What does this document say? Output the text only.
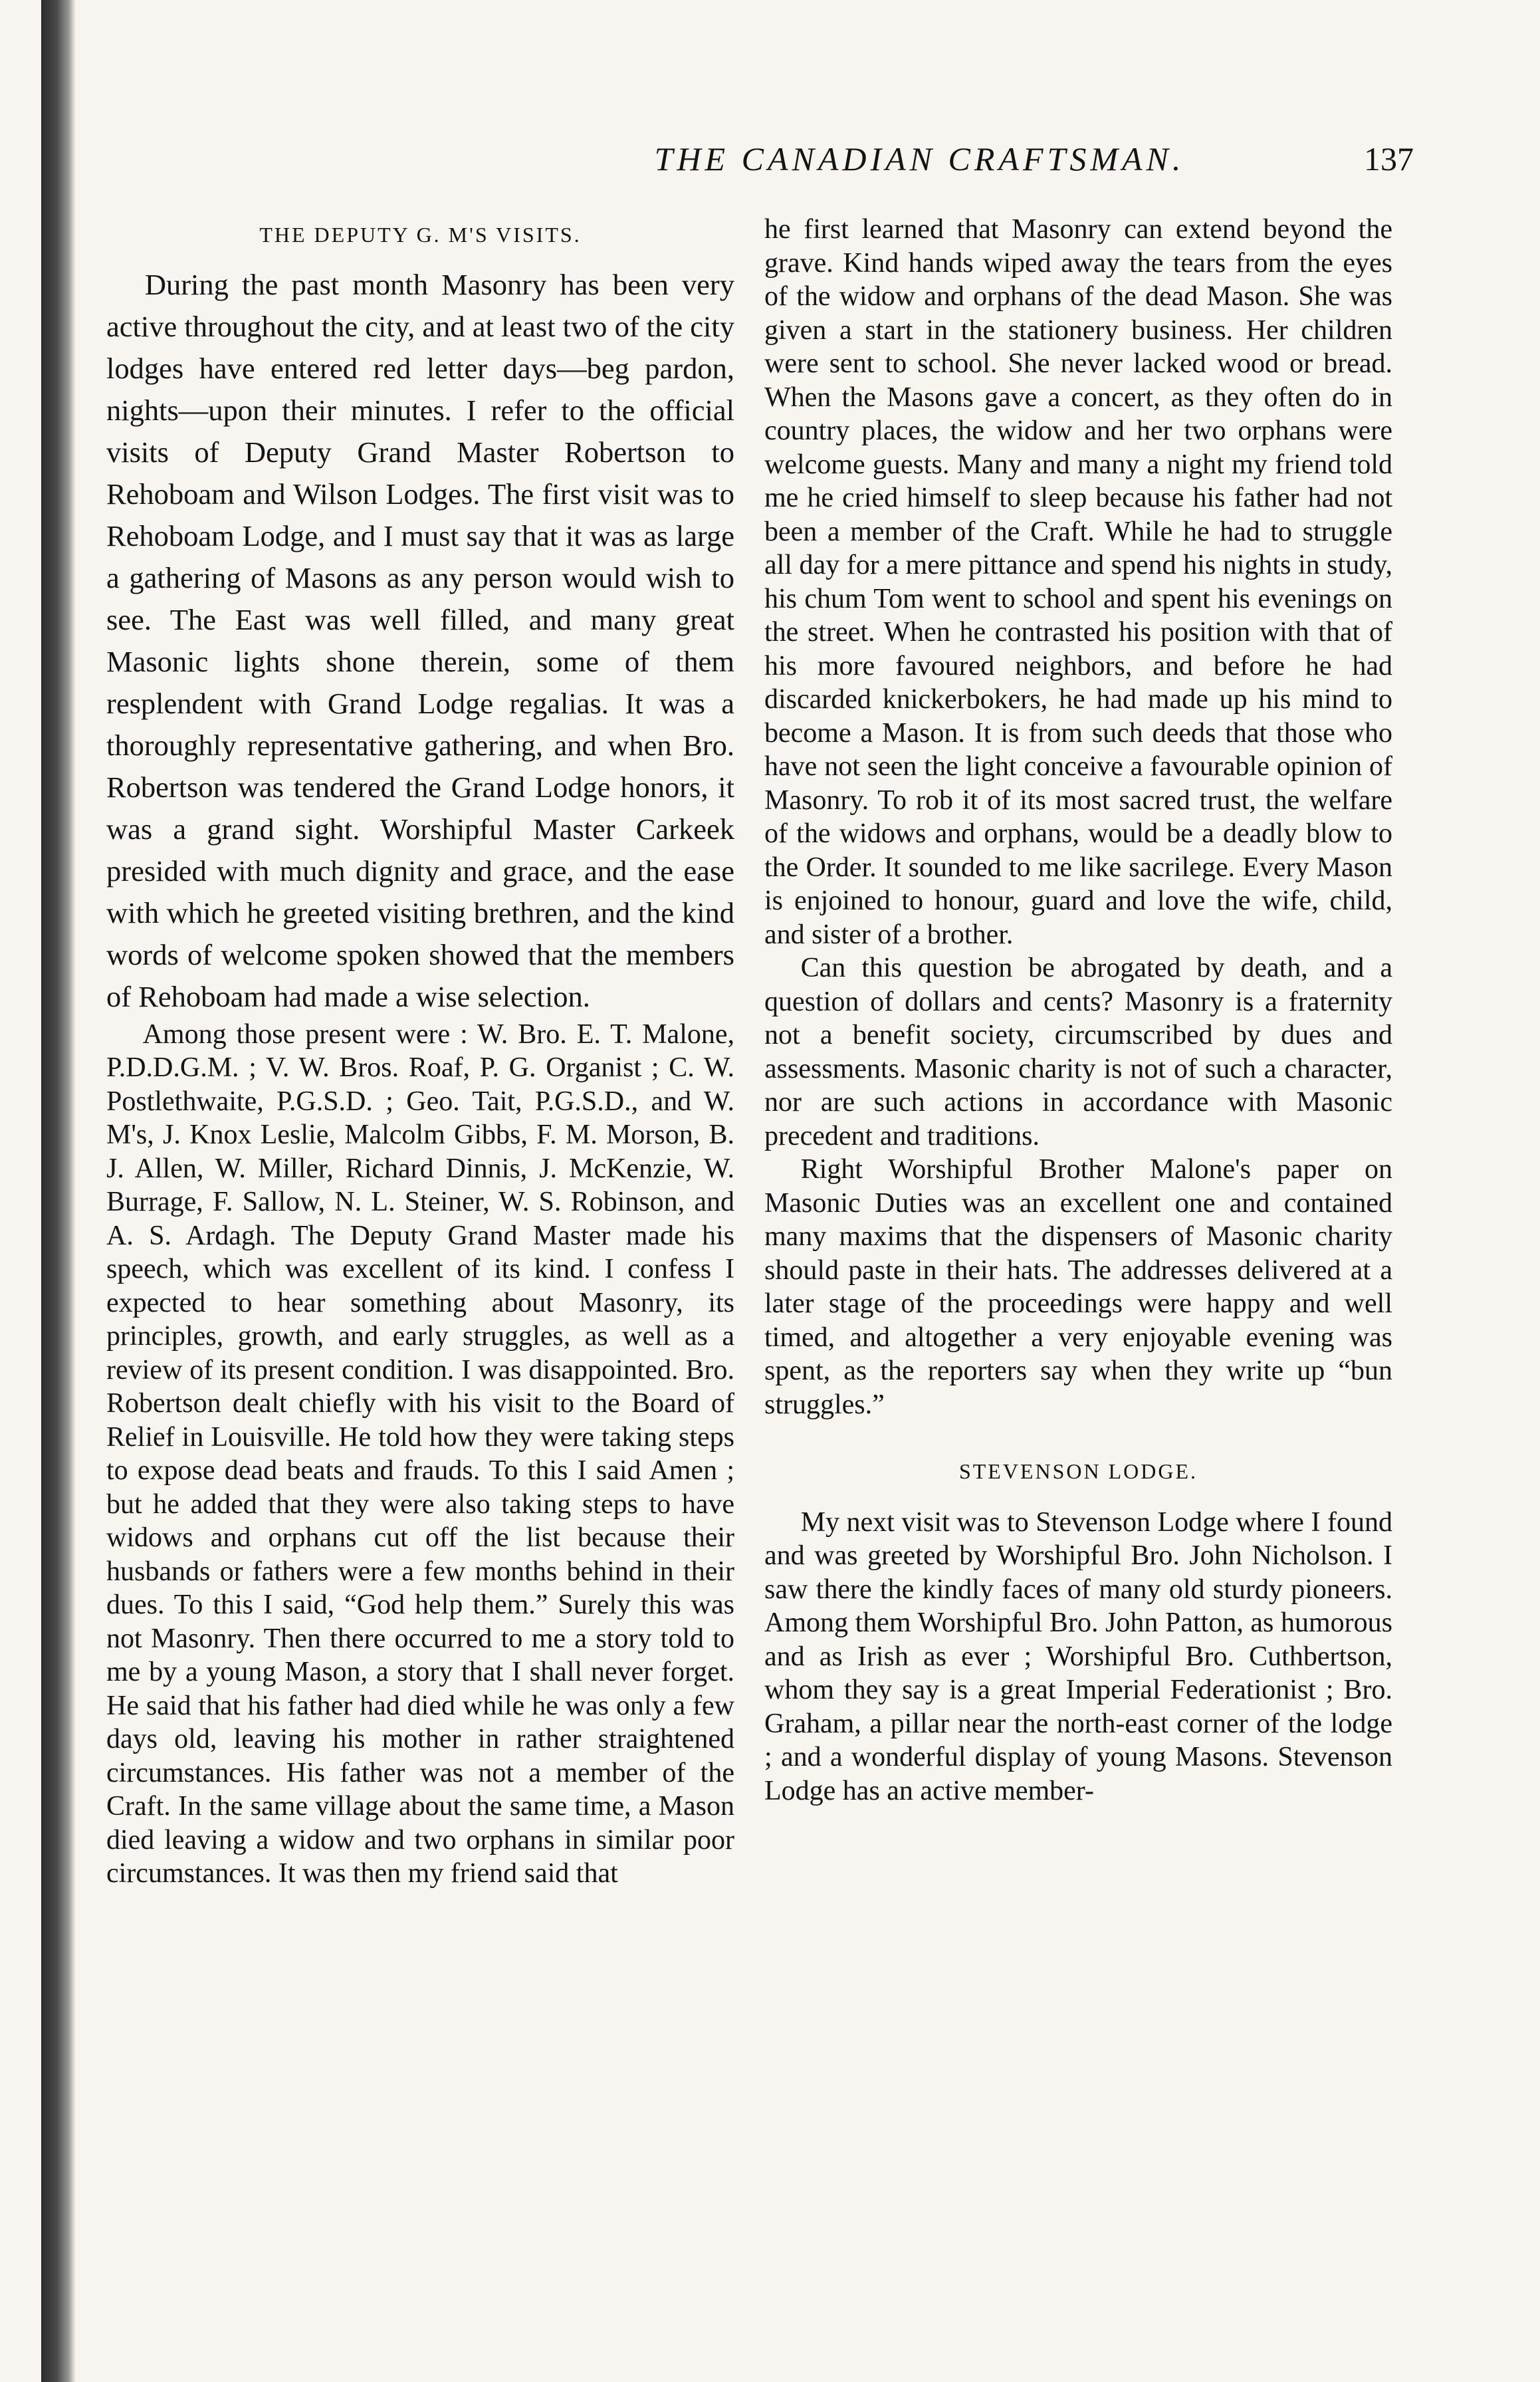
THE CANADIAN CRAFTSMAN.	137
THE DEPUTY G. M'S VISITS.

During the past month Masonry has been very active throughout the city, and at least two of the city lodges have entered red letter days—beg pardon, nights—upon their minutes. I refer to the official visits of Deputy Grand Master Robertson to Rehoboam and Wilson Lodges. The first visit was to Rehoboam Lodge, and I must say that it was as large a gathering of Masons as any person would wish to see. The East was well filled, and many great Masonic lights shone therein, some of them resplendent with Grand Lodge regalias. It was a thoroughly representative gathering, and when Bro. Robertson was tendered the Grand Lodge honors, it was a grand sight. Worshipful Master Carkeek presided with much dignity and grace, and the ease with which he greeted visiting brethren, and the kind words of welcome spoken showed that the members of Rehoboam had made a wise selection.

Among those present were : W. Bro. E. T. Malone, P.D.D.G.M. ; V. W. Bros. Roaf, P. G. Organist ; C. W. Postlethwaite, P.G.S.D. ; Geo. Tait, P.G.S.D., and W. M's, J. Knox Leslie, Malcolm Gibbs, F. M. Morson, B. J. Allen, W. Miller, Richard Dinnis, J. McKenzie, W. Burrage, F. Sallow, N. L. Steiner, W. S. Robinson, and A. S. Ardagh. The Deputy Grand Master made his speech, which was excellent of its kind. I confess I expected to hear something about Masonry, its principles, growth, and early struggles, as well as a review of its present condition. I was disappointed. Bro. Robertson dealt chiefly with his visit to the Board of Relief in Louisville. He told how they were taking steps to expose dead beats and frauds. To this I said Amen ; but he added that they were also taking steps to have widows and orphans cut off the list because their husbands or fathers were a few months behind in their dues. To this I said, “God help them.” Surely this was not Masonry. Then there occurred to me a story told to me by a young Mason, a story that I shall never forget. He said that his father had died while he was only a few days old, leaving his mother in rather straightened circumstances. His father was not a member of the Craft. In the same village about the same time, a Mason died leaving a widow and two orphans in similar poor circumstances. It was then my friend said that

he first learned that Masonry can extend beyond the grave. Kind hands wiped away the tears from the eyes of the widow and orphans of the dead Mason. She was given a start in the stationery business. Her children were sent to school. She never lacked wood or bread. When the Masons gave a concert, as they often do in country places, the widow and her two orphans were welcome guests. Many and many a night my friend told me he cried himself to sleep because his father had not been a member of the Craft. While he had to struggle all day for a mere pittance and spend his nights in study, his chum Tom went to school and spent his evenings on the street. When he contrasted his position with that of his more favoured neighbors, and before he had discarded knickerbokers, he had made up his mind to become a Mason. It is from such deeds that those who have not seen the light conceive a favourable opinion of Masonry. To rob it of its most sacred trust, the welfare of the widows and orphans, would be a deadly blow to the Order. It sounded to me like sacrilege. Every Mason is enjoined to honour, guard and love the wife, child, and sister of a brother.

Can this question be abrogated by death, and a question of dollars and cents? Masonry is a fraternity not a benefit society, circumscribed by dues and assessments. Masonic charity is not of such a character, nor are such actions in accordance with Masonic precedent and traditions.

Right Worshipful Brother Malone's paper on Masonic Duties was an excellent one and contained many maxims that the dispensers of Masonic charity should paste in their hats. The addresses delivered at a later stage of the proceedings were happy and well timed, and altogether a very enjoyable evening was spent, as the reporters say when they write up “bun struggles.”

STEVENSON LODGE.

My next visit was to Stevenson Lodge where I found and was greeted by Worshipful Bro. John Nicholson. I saw there the kindly faces of many old sturdy pioneers. Among them Worshipful Bro. John Patton, as humorous and as Irish as ever ; Worshipful Bro. Cuthbertson, whom they say is a great Imperial Federationist ; Bro. Graham, a pillar near the north-east corner of the lodge ; and a wonderful display of young Masons. Stevenson Lodge has an active member-
